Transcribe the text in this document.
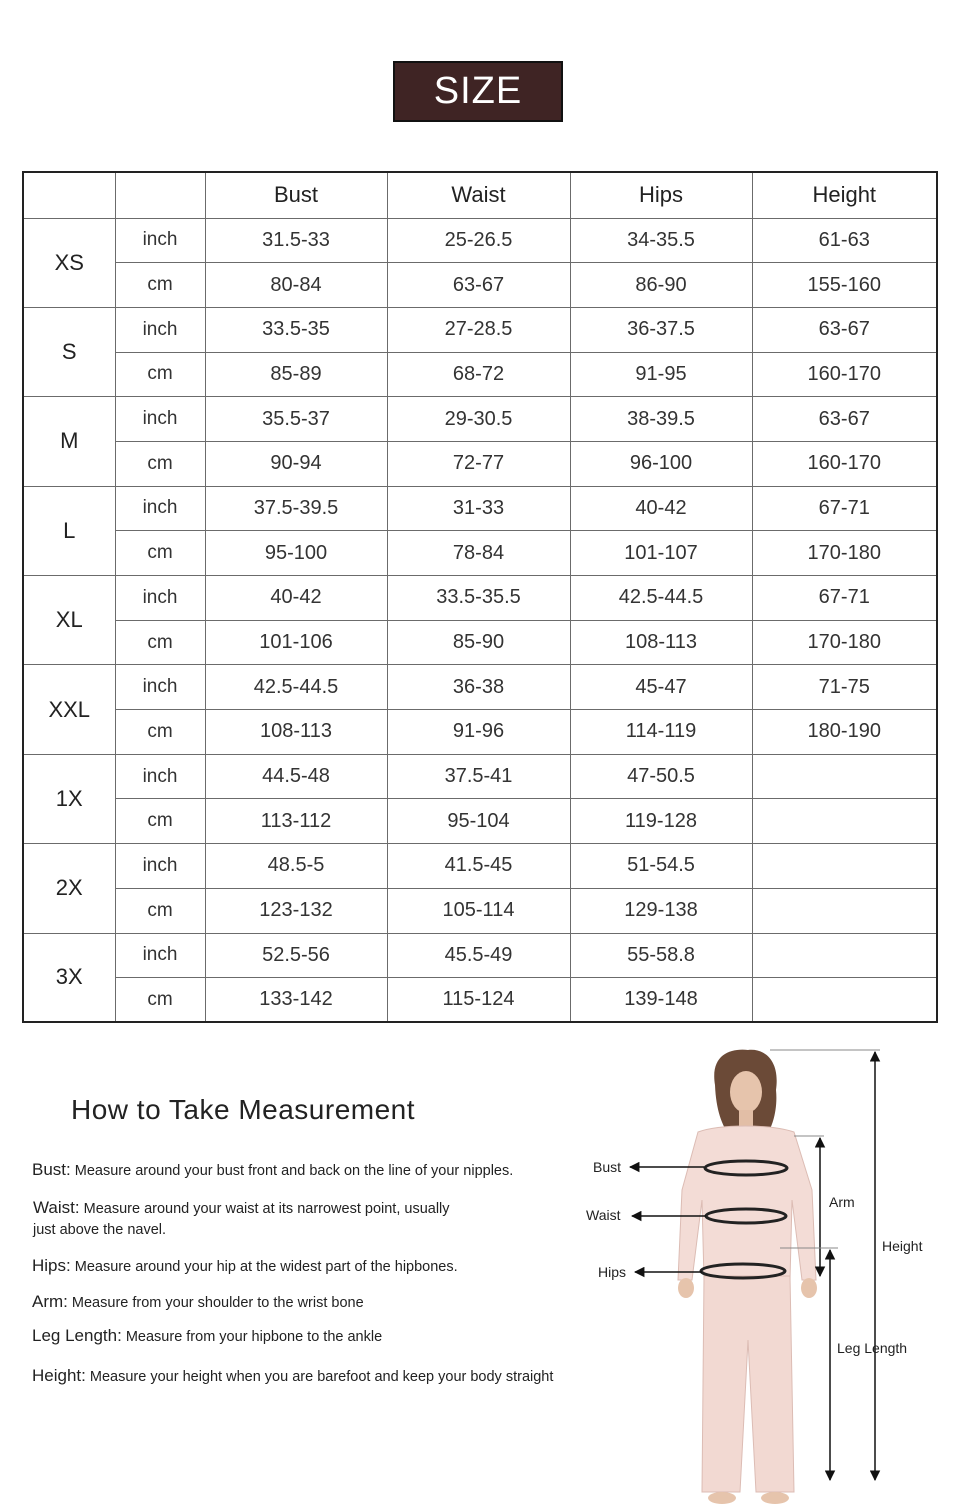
SIZE
		Bust	Waist	Hips	Height
XS	inch	31.5-33	25-26.5	34-35.5	61-63
	cm	80-84	63-67	86-90	155-160
S	inch	33.5-35	27-28.5	36-37.5	63-67
	cm	85-89	68-72	91-95	160-170
M	inch	35.5-37	29-30.5	38-39.5	63-67
	cm	90-94	72-77	96-100	160-170
L	inch	37.5-39.5	31-33	40-42	67-71
	cm	95-100	78-84	101-107	170-180
XL	inch	40-42	33.5-35.5	42.5-44.5	67-71
	cm	101-106	85-90	108-113	170-180
XXL	inch	42.5-44.5	36-38	45-47	71-75
	cm	108-113	91-96	114-119	180-190
1X	inch	44.5-48	37.5-41	47-50.5	
	cm	113-112	95-104	119-128	
2X	inch	48.5-5	41.5-45	51-54.5	
	cm	123-132	105-114	129-138	
3X	inch	52.5-56	45.5-49	55-58.8	
	cm	133-142	115-124	139-148	
How to Take Measurement
Bust: Measure around your bust front and back on the line of your nipples.
Waist: Measure around your waist at its narrowest point, usually
just above the navel.
Hips: Measure around your hip at the widest part of the hipbones.
Arm: Measure from your shoulder to the wrist bone
Leg Length: Measure from your hipbone to the ankle
Height: Measure your height when you are barefoot and keep your body straight
Bust
Waist
Hips
Arm
Height
Leg Length
